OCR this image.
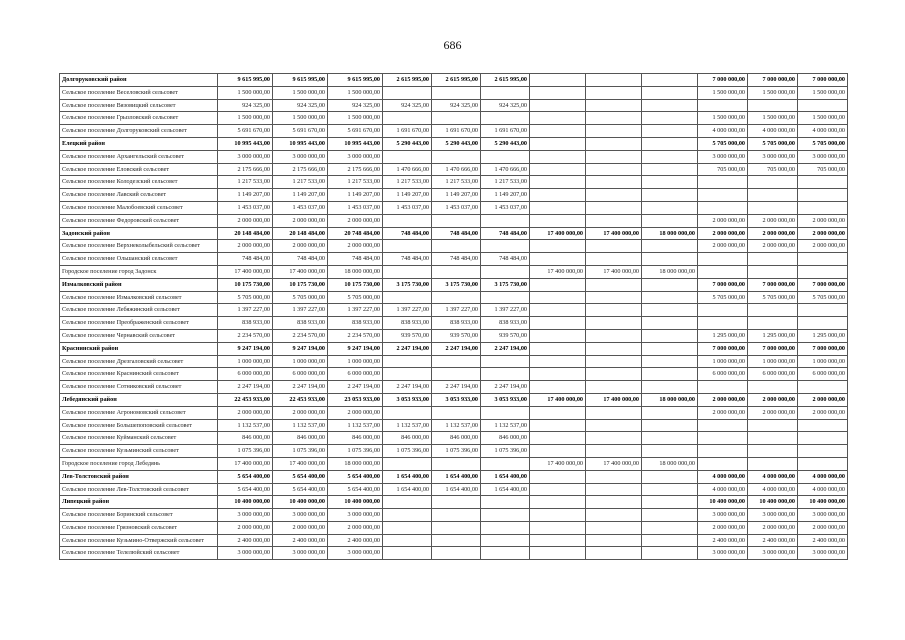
686
Долгоруковский район	9 615 995,00	9 615 995,00	9 615 995,00	2 615 995,00	2 615 995,00	2 615 995,00				7 000 000,00	7 000 000,00	7 000 000,00
Сельское поселение Веселовский сельсовет	1 500 000,00	1 500 000,00	1 500 000,00							1 500 000,00	1 500 000,00	1 500 000,00
Сельское поселение Вязовицкий сельсовет	924 325,00	924 325,00	924 325,00	924 325,00	924 325,00	924 325,00						
Сельское поселение Грызловский сельсовет	1 500 000,00	1 500 000,00	1 500 000,00							1 500 000,00	1 500 000,00	1 500 000,00
Сельское поселение Долгоруковский сельсовет	5 691 670,00	5 691 670,00	5 691 670,00	1 691 670,00	1 691 670,00	1 691 670,00				4 000 000,00	4 000 000,00	4 000 000,00
Елецкий район	10 995 443,00	10 995 443,00	10 995 443,00	5 290 443,00	5 290 443,00	5 290 443,00				5 705 000,00	5 705 000,00	5 705 000,00
Сельское поселение Архангельский сельсовет	3 000 000,00	3 000 000,00	3 000 000,00							3 000 000,00	3 000 000,00	3 000 000,00
Сельское поселение Еловский сельсовет	2 175 666,00	2 175 666,00	2 175 666,00	1 470 666,00	1 470 666,00	1 470 666,00				705 000,00	705 000,00	705 000,00
Сельское поселение Колодезский сельсовет	1 217 533,00	1 217 533,00	1 217 533,00	1 217 533,00	1 217 533,00	1 217 533,00						
Сельское поселение Лавский сельсовет	1 149 207,00	1 149 207,00	1 149 207,00	1 149 207,00	1 149 207,00	1 149 207,00						
Сельское поселение Малобоевский сельсовет	1 453 037,00	1 453 037,00	1 453 037,00	1 453 037,00	1 453 037,00	1 453 037,00						
Сельское поселение Федоровский сельсовет	2 000 000,00	2 000 000,00	2 000 000,00							2 000 000,00	2 000 000,00	2 000 000,00
Задонский район	20 148 484,00	20 148 484,00	20 748 484,00	748 484,00	748 484,00	748 484,00	17 400 000,00	17 400 000,00	18 000 000,00	2 000 000,00	2 000 000,00	2 000 000,00
Сельское поселение Верхнеколыбельский сельсовет	2 000 000,00	2 000 000,00	2 000 000,00							2 000 000,00	2 000 000,00	2 000 000,00
Сельское поселение Ольшанский сельсовет	748 484,00	748 484,00	748 484,00	748 484,00	748 484,00	748 484,00						
Городское поселение город Задонск	17 400 000,00	17 400 000,00	18 000 000,00				17 400 000,00	17 400 000,00	18 000 000,00			
Измалковский район	10 175 730,00	10 175 730,00	10 175 730,00	3 175 730,00	3 175 730,00	3 175 730,00				7 000 000,00	7 000 000,00	7 000 000,00
Сельское поселение Измалковский сельсовет	5 705 000,00	5 705 000,00	5 705 000,00							5 705 000,00	5 705 000,00	5 705 000,00
Сельское поселение Лебяжинский сельсовет	1 397 227,00	1 397 227,00	1 397 227,00	1 397 227,00	1 397 227,00	1 397 227,00						
Сельское поселение Преображенский сельсовет	838 933,00	838 933,00	838 933,00	838 933,00	838 933,00	838 933,00						
Сельское поселение Чернавский сельсовет	2 234 570,00	2 234 570,00	2 234 570,00	939 570,00	939 570,00	939 570,00				1 295 000,00	1 295 000,00	1 295 000,00
Краснинский район	9 247 194,00	9 247 194,00	9 247 194,00	2 247 194,00	2 247 194,00	2 247 194,00				7 000 000,00	7 000 000,00	7 000 000,00
Сельское поселение Дрезгаловский сельсовет	1 000 000,00	1 000 000,00	1 000 000,00							1 000 000,00	1 000 000,00	1 000 000,00
Сельское поселение Краснинский сельсовет	6 000 000,00	6 000 000,00	6 000 000,00							6 000 000,00	6 000 000,00	6 000 000,00
Сельское поселение Сотниковский сельсовет	2 247 194,00	2 247 194,00	2 247 194,00	2 247 194,00	2 247 194,00	2 247 194,00						
Лебедянский район	22 453 933,00	22 453 933,00	23 053 933,00	3 053 933,00	3 053 933,00	3 053 933,00	17 400 000,00	17 400 000,00	18 000 000,00	2 000 000,00	2 000 000,00	2 000 000,00
Сельское поселение Агрономовский сельсовет	2 000 000,00	2 000 000,00	2 000 000,00							2 000 000,00	2 000 000,00	2 000 000,00
Сельское поселение Большепоповский сельсовет	1 132 537,00	1 132 537,00	1 132 537,00	1 132 537,00	1 132 537,00	1 132 537,00						
Сельское поселение Куйманский сельсовет	846 000,00	846 000,00	846 000,00	846 000,00	846 000,00	846 000,00						
Сельское поселение Кузьминский сельсовет	1 075 396,00	1 075 396,00	1 075 396,00	1 075 396,00	1 075 396,00	1 075 396,00						
Городское поселение город Лебедянь	17 400 000,00	17 400 000,00	18 000 000,00				17 400 000,00	17 400 000,00	18 000 000,00			
Лев-Толстовский район	5 654 400,00	5 654 400,00	5 654 400,00	1 654 400,00	1 654 400,00	1 654 400,00				4 000 000,00	4 000 000,00	4 000 000,00
Сельское поселение Лев-Толстовский сельсовет	5 654 400,00	5 654 400,00	5 654 400,00	1 654 400,00	1 654 400,00	1 654 400,00				4 000 000,00	4 000 000,00	4 000 000,00
Липецкий район	10 400 000,00	10 400 000,00	10 400 000,00							10 400 000,00	10 400 000,00	10 400 000,00
Сельское поселение Боринский сельсовет	3 000 000,00	3 000 000,00	3 000 000,00							3 000 000,00	3 000 000,00	3 000 000,00
Сельское поселение Грязновский сельсовет	2 000 000,00	2 000 000,00	2 000 000,00							2 000 000,00	2 000 000,00	2 000 000,00
Сельское поселение Кузьмино-Отвержский сельсовет	2 400 000,00	2 400 000,00	2 400 000,00							2 400 000,00	2 400 000,00	2 400 000,00
Сельское поселение Телелюйский сельсовет	3 000 000,00	3 000 000,00	3 000 000,00							3 000 000,00	3 000 000,00	3 000 000,00
